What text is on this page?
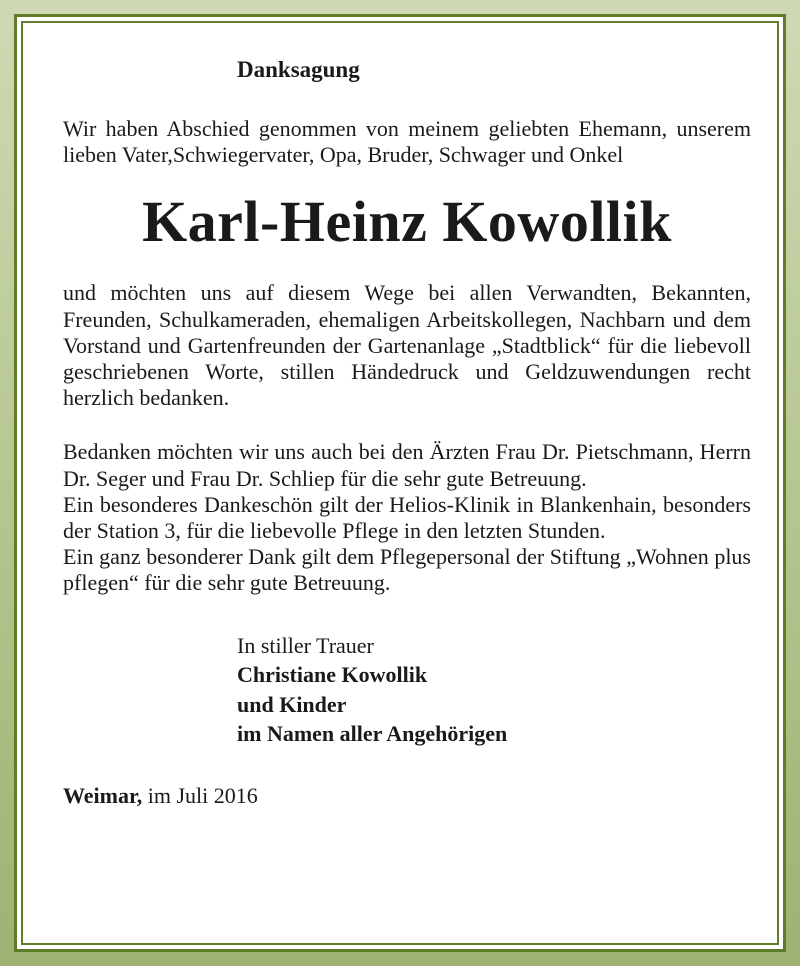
Danksagung

Wir haben Abschied genommen von meinem geliebten Ehemann, unserem lieben Vater,Schwiegervater, Opa, Bruder, Schwager und Onkel

Karl-Heinz Kowollik

und möchten uns auf diesem Wege bei allen Verwandten, Bekannten, Freunden, Schulkameraden, ehemaligen Arbeitskollegen, Nachbarn und dem Vorstand und Gartenfreunden der Gartenanlage „Stadtblick“ für die liebevoll geschriebenen Worte, stillen Händedruck und Geldzuwendungen recht herzlich bedanken.

Bedanken möchten wir uns auch bei den Ärzten Frau Dr. Pietschmann, Herrn Dr. Seger und Frau Dr. Schliep für die sehr gute Betreuung.

Ein besonderes Dankeschön gilt der Helios-Klinik in Blankenhain, besonders der Station 3, für die liebevolle Pflege in den letzten Stunden.

Ein ganz besonderer Dank gilt dem Pflegepersonal der Stiftung „Wohnen plus pflegen“ für die sehr gute Betreuung.

In stiller Trauer
Christiane Kowollik
und Kinder
im Namen aller Angehörigen
Weimar, im Juli 2016
